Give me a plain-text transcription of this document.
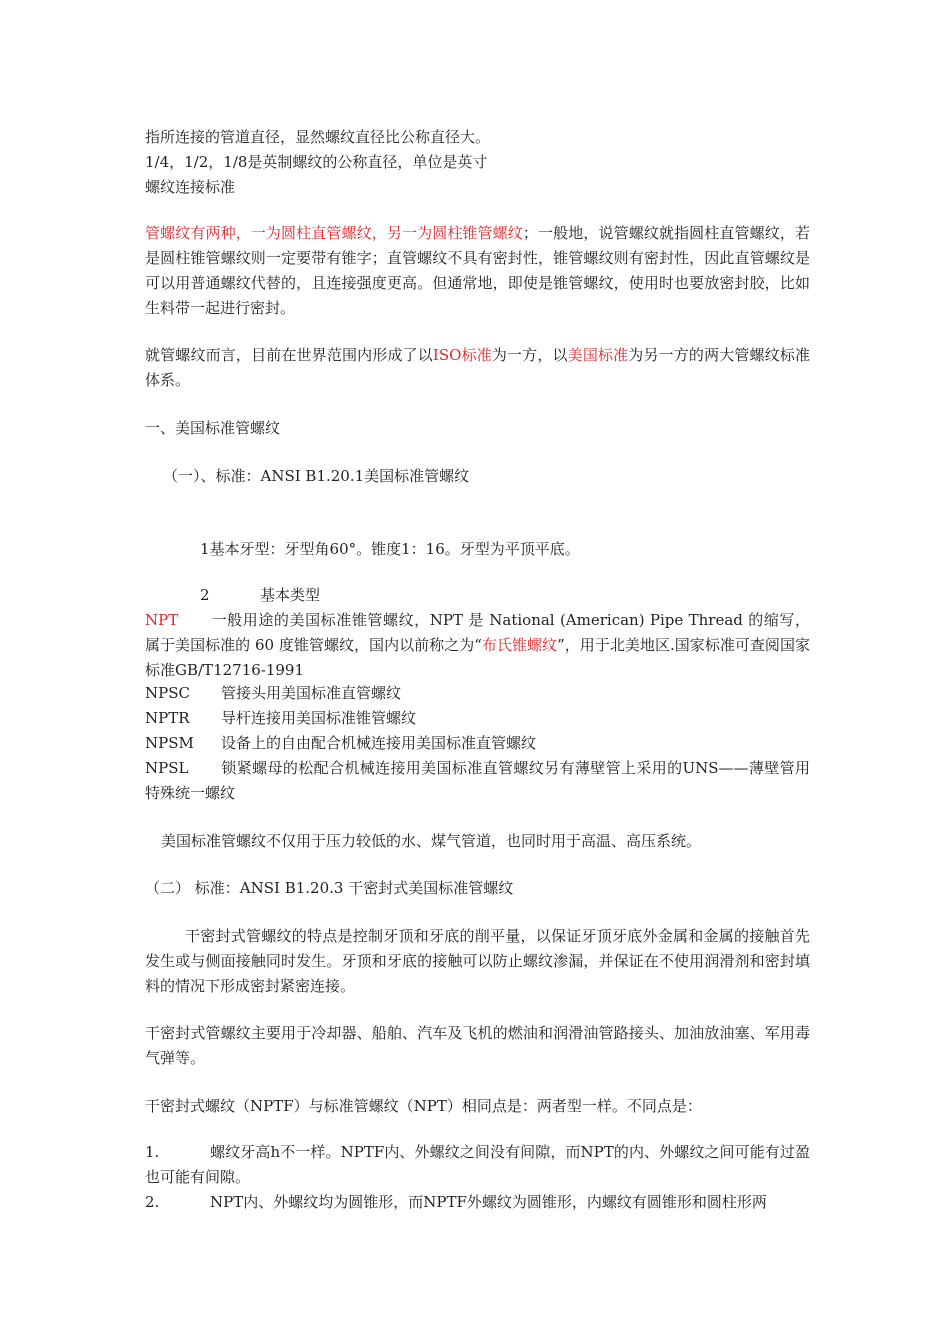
指所连接的管道直径，显然螺纹直径比公称直径大。

1/4，1/2，1/8是英制螺纹的公称直径，单位是英寸

螺纹连接标准

管螺纹有两种，一为圆柱直管螺纹，另一为圆柱锥管螺纹；一般地，说管螺纹就指圆柱直管螺纹，若是圆柱锥管螺纹则一定要带有锥字；直管螺纹不具有密封性，锥管螺纹则有密封性，因此直管螺纹是可以用普通螺纹代替的，且连接强度更高。但通常地，即使是锥管螺纹，使用时也要放密封胶，比如生料带一起进行密封。
就管螺纹而言，目前在世界范围内形成了以ISO标准为一方，以美国标准为另一方的两大管螺纹标准体系。
一、美国标准管螺纹
（一）、标准：ANSI B1.20.1美国标准管螺纹
1基本牙型：牙型角60°。锥度1：16。牙型为平顶平底。
2	基本类型
NPT 一般用途的美国标准锥管螺纹，NPT 是 National (American) Pipe Thread 的缩写，属于美国标准的 60 度锥管螺纹，国内以前称之为“布氏锥螺纹”，用于北美地区.国家标准可查阅国家标准GB/T12716-1991
NPSC	管接头用美国标准直管螺纹
NPTR	导杆连接用美国标准锥管螺纹
NPSM	设备上的自由配合机械连接用美国标准直管螺纹
NPSL 锁紧螺母的松配合机械连接用美国标准直管螺纹另有薄壁管上采用的UNS——薄壁管用特殊统一螺纹
美国标准管螺纹不仅用于压力较低的水、煤气管道，也同时用于高温、高压系统。
（二） 标准：ANSI B1.20.3 干密封式美国标准管螺纹
干密封式管螺纹的特点是控制牙顶和牙底的削平量，以保证牙顶牙底外金属和金属的接触首先发生或与侧面接触同时发生。牙顶和牙底的接触可以防止螺纹渗漏，并保证在不使用润滑剂和密封填料的情况下形成密封紧密连接。
干密封式管螺纹主要用于冷却器、船舶、汽车及飞机的燃油和润滑油管路接头、加油放油塞、军用毒气弹等。
干密封式螺纹（NPTF）与标准管螺纹（NPT）相同点是：两者型一样。不同点是：
1.	螺纹牙高h不一样。NPTF内、外螺纹之间没有间隙，而NPT的内、外螺纹之间可能有过盈也可能有间隙。
2.	NPT内、外螺纹均为圆锥形，而NPTF外螺纹为圆锥形，内螺纹有圆锥形和圆柱形两
